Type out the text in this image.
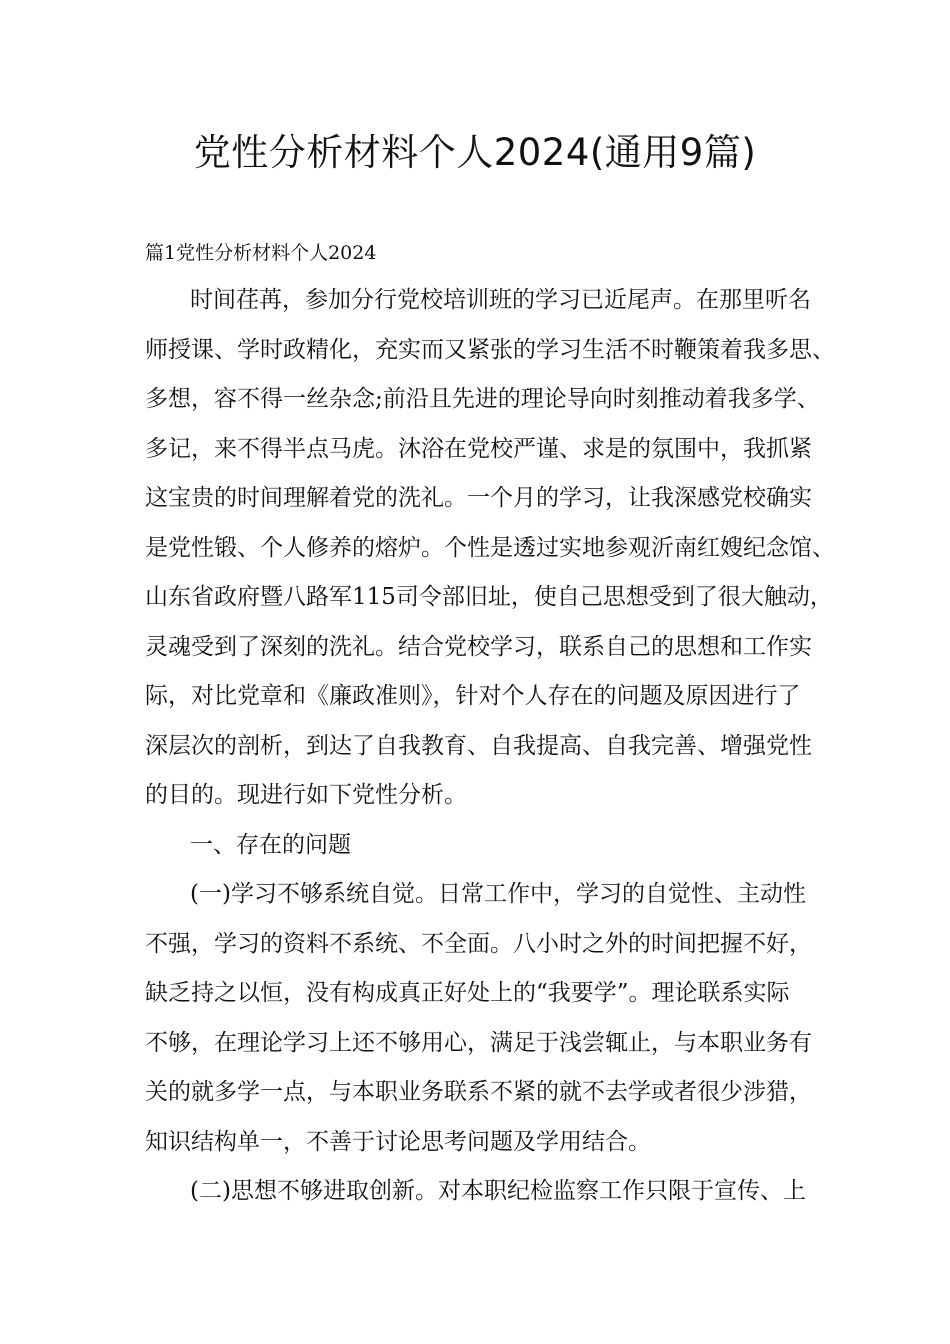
党性分析材料个人2024(通用9篇)
篇1党性分析材料个人2024

时间荏苒，参加分行党校培训班的学习已近尾声。在那里听名

师授课、学时政精化，充实而又紧张的学习生活不时鞭策着我多思、

多想，容不得一丝杂念;前沿且先进的理论导向时刻推动着我多学、

多记，来不得半点马虎。沐浴在党校严谨、求是的氛围中，我抓紧

这宝贵的时间理解着党的洗礼。一个月的学习，让我深感党校确实

是党性锻、个人修养的熔炉。个性是透过实地参观沂南红嫂纪念馆、

山东省政府暨八路军115司令部旧址，使自己思想受到了很大触动，

灵魂受到了深刻的洗礼。结合党校学习，联系自己的思想和工作实

际，对比党章和《廉政准则》，针对个人存在的问题及原因进行了

深层次的剖析，到达了自我教育、自我提高、自我完善、增强党性

的目的。现进行如下党性分析。

一、存在的问题

(一)学习不够系统自觉。日常工作中，学习的自觉性、主动性

不强，学习的资料不系统、不全面。八小时之外的时间把握不好，

缺乏持之以恒，没有构成真正好处上的“我要学”。理论联系实际

不够，在理论学习上还不够用心，满足于浅尝辄止，与本职业务有

关的就多学一点，与本职业务联系不紧的就不去学或者很少涉猎，

知识结构单一，不善于讨论思考问题及学用结合。

(二)思想不够进取创新。对本职纪检监察工作只限于宣传、上
